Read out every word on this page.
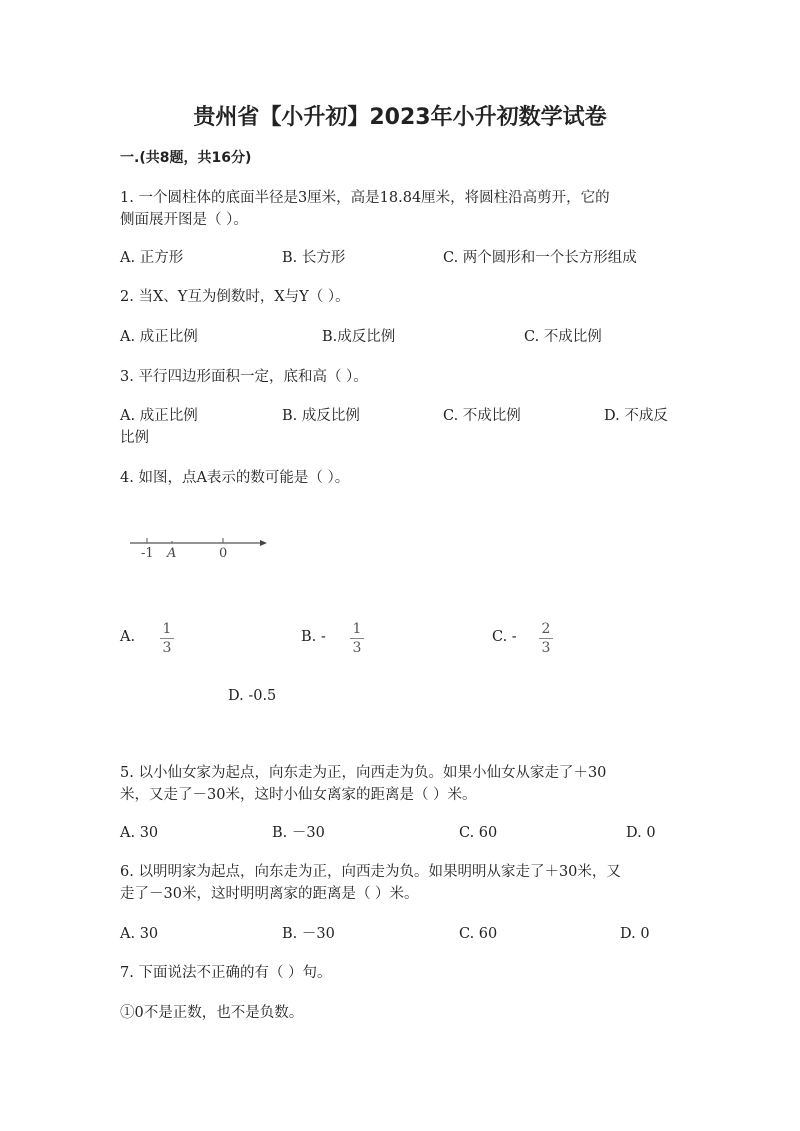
贵州省【小升初】2023年小升初数学试卷
一.(共8题，共16分)
1. 一个圆柱体的底面半径是3厘米，高是18.84厘米，将圆柱沿高剪开，它的
侧面展开图是（ ）。
A. 正方形	B. 长方形	C. 两个圆形和一个长方形组成
2. 当X、Y互为倒数时，X与Y（ ）。
A. 成正比例	B.成反比例	C. 不成比例
3. 平行四边形面积一定，底和高（ ）。
A. 成正比例	B. 成反比例	C. 不成比例	D. 不成反
比例
4. 如图，点A表示的数可能是（ ）。
-1 A	0
A. 1
3
B. - 1
3
C. - 2
3
D. -0.5
5. 以小仙女家为起点，向东走为正，向西走为负。如果小仙女从家走了＋30
米，又走了－30米，这时小仙女离家的距离是（ ）米。
A. 30	B. －30	C. 60	D. 0
6. 以明明家为起点，向东走为正，向西走为负。如果明明从家走了＋30米，又
走了－30米，这时明明离家的距离是（ ）米。
A. 30	B. －30	C. 60	D. 0
7. 下面说法不正确的有（ ）句。
①0不是正数，也不是负数。
